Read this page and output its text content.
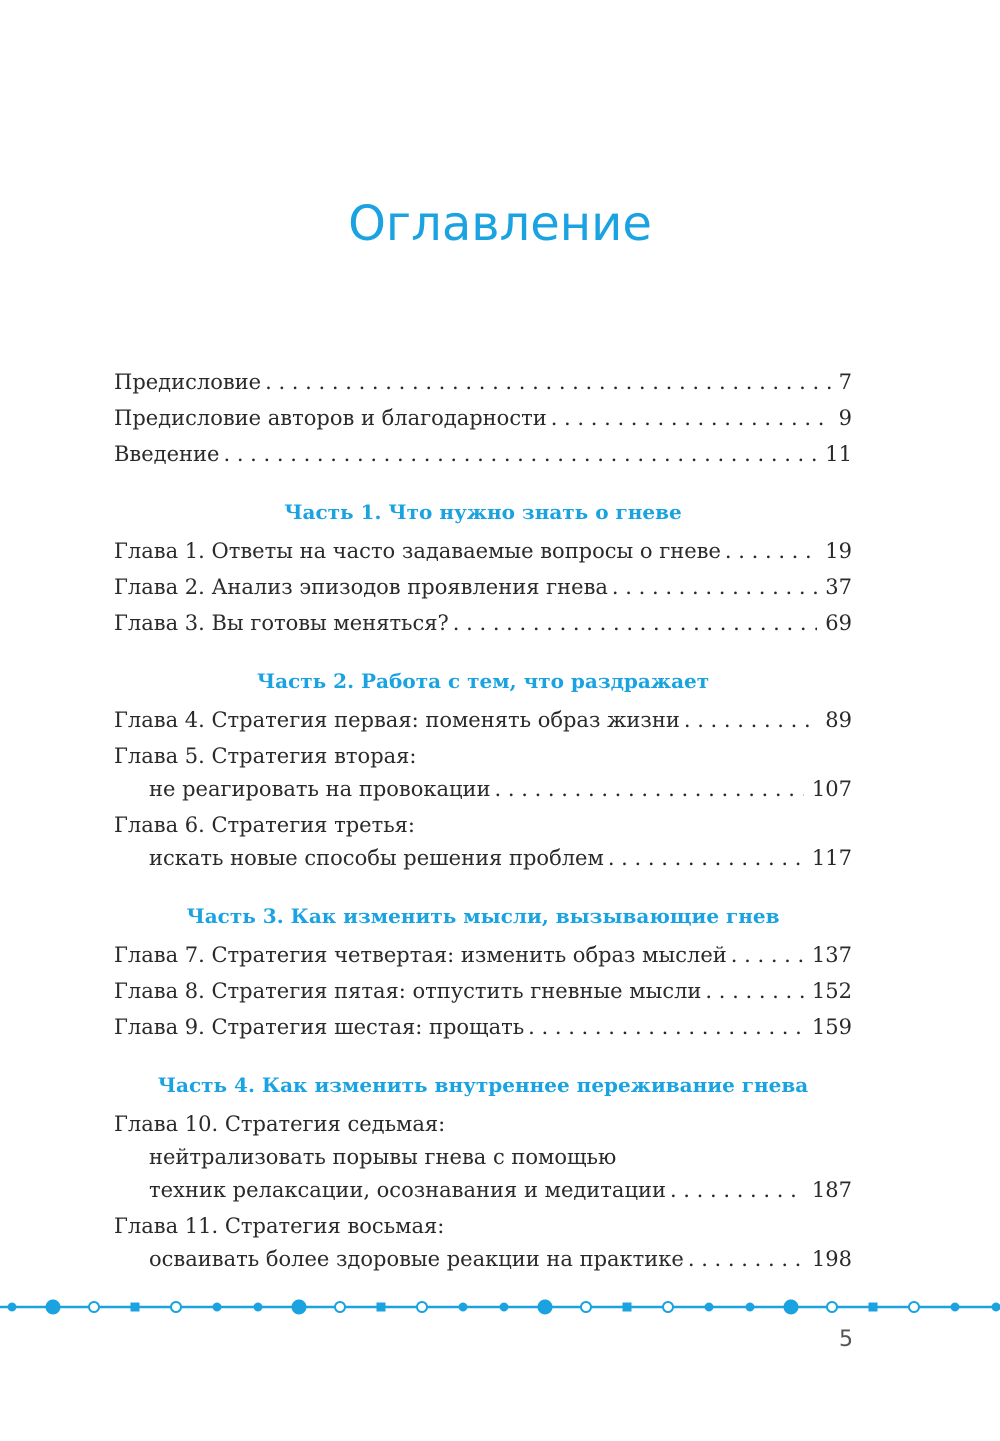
Оглавление
Предисловие . . .	7
Предисловие авторов и благодарности . . .	9
Введение . . .	11
Часть 1. Что нужно знать о гневе
Глава 1. Ответы на часто задаваемые вопросы о гневе . . .	19
Глава 2. Анализ эпизодов проявления гнева . . .	37
Глава 3. Вы готовы меняться? . . .	69
Часть 2. Работа с тем, что раздражает
Глава 4. Стратегия первая: поменять образ жизни . . .	89
Глава 5. Стратегия вторая:
не реагировать на провокации . . .	107
Глава 6. Стратегия третья:
искать новые способы решения проблем . . .	117
Часть 3. Как изменить мысли, вызывающие гнев
Глава 7. Стратегия четвертая: изменить образ мыслей . . .	137
Глава 8. Стратегия пятая: отпустить гневные мысли . . .	152
Глава 9. Стратегия шестая: прощать . . .	159
Часть 4. Как изменить внутреннее переживание гнева
Глава 10. Стратегия седьмая:
нейтрализовать порывы гнева с помощью
техник релаксации, осознавания и медитации . . .	187
Глава 11. Стратегия восьмая:
осваивать более здоровые реакции на практике . . .	198
5
